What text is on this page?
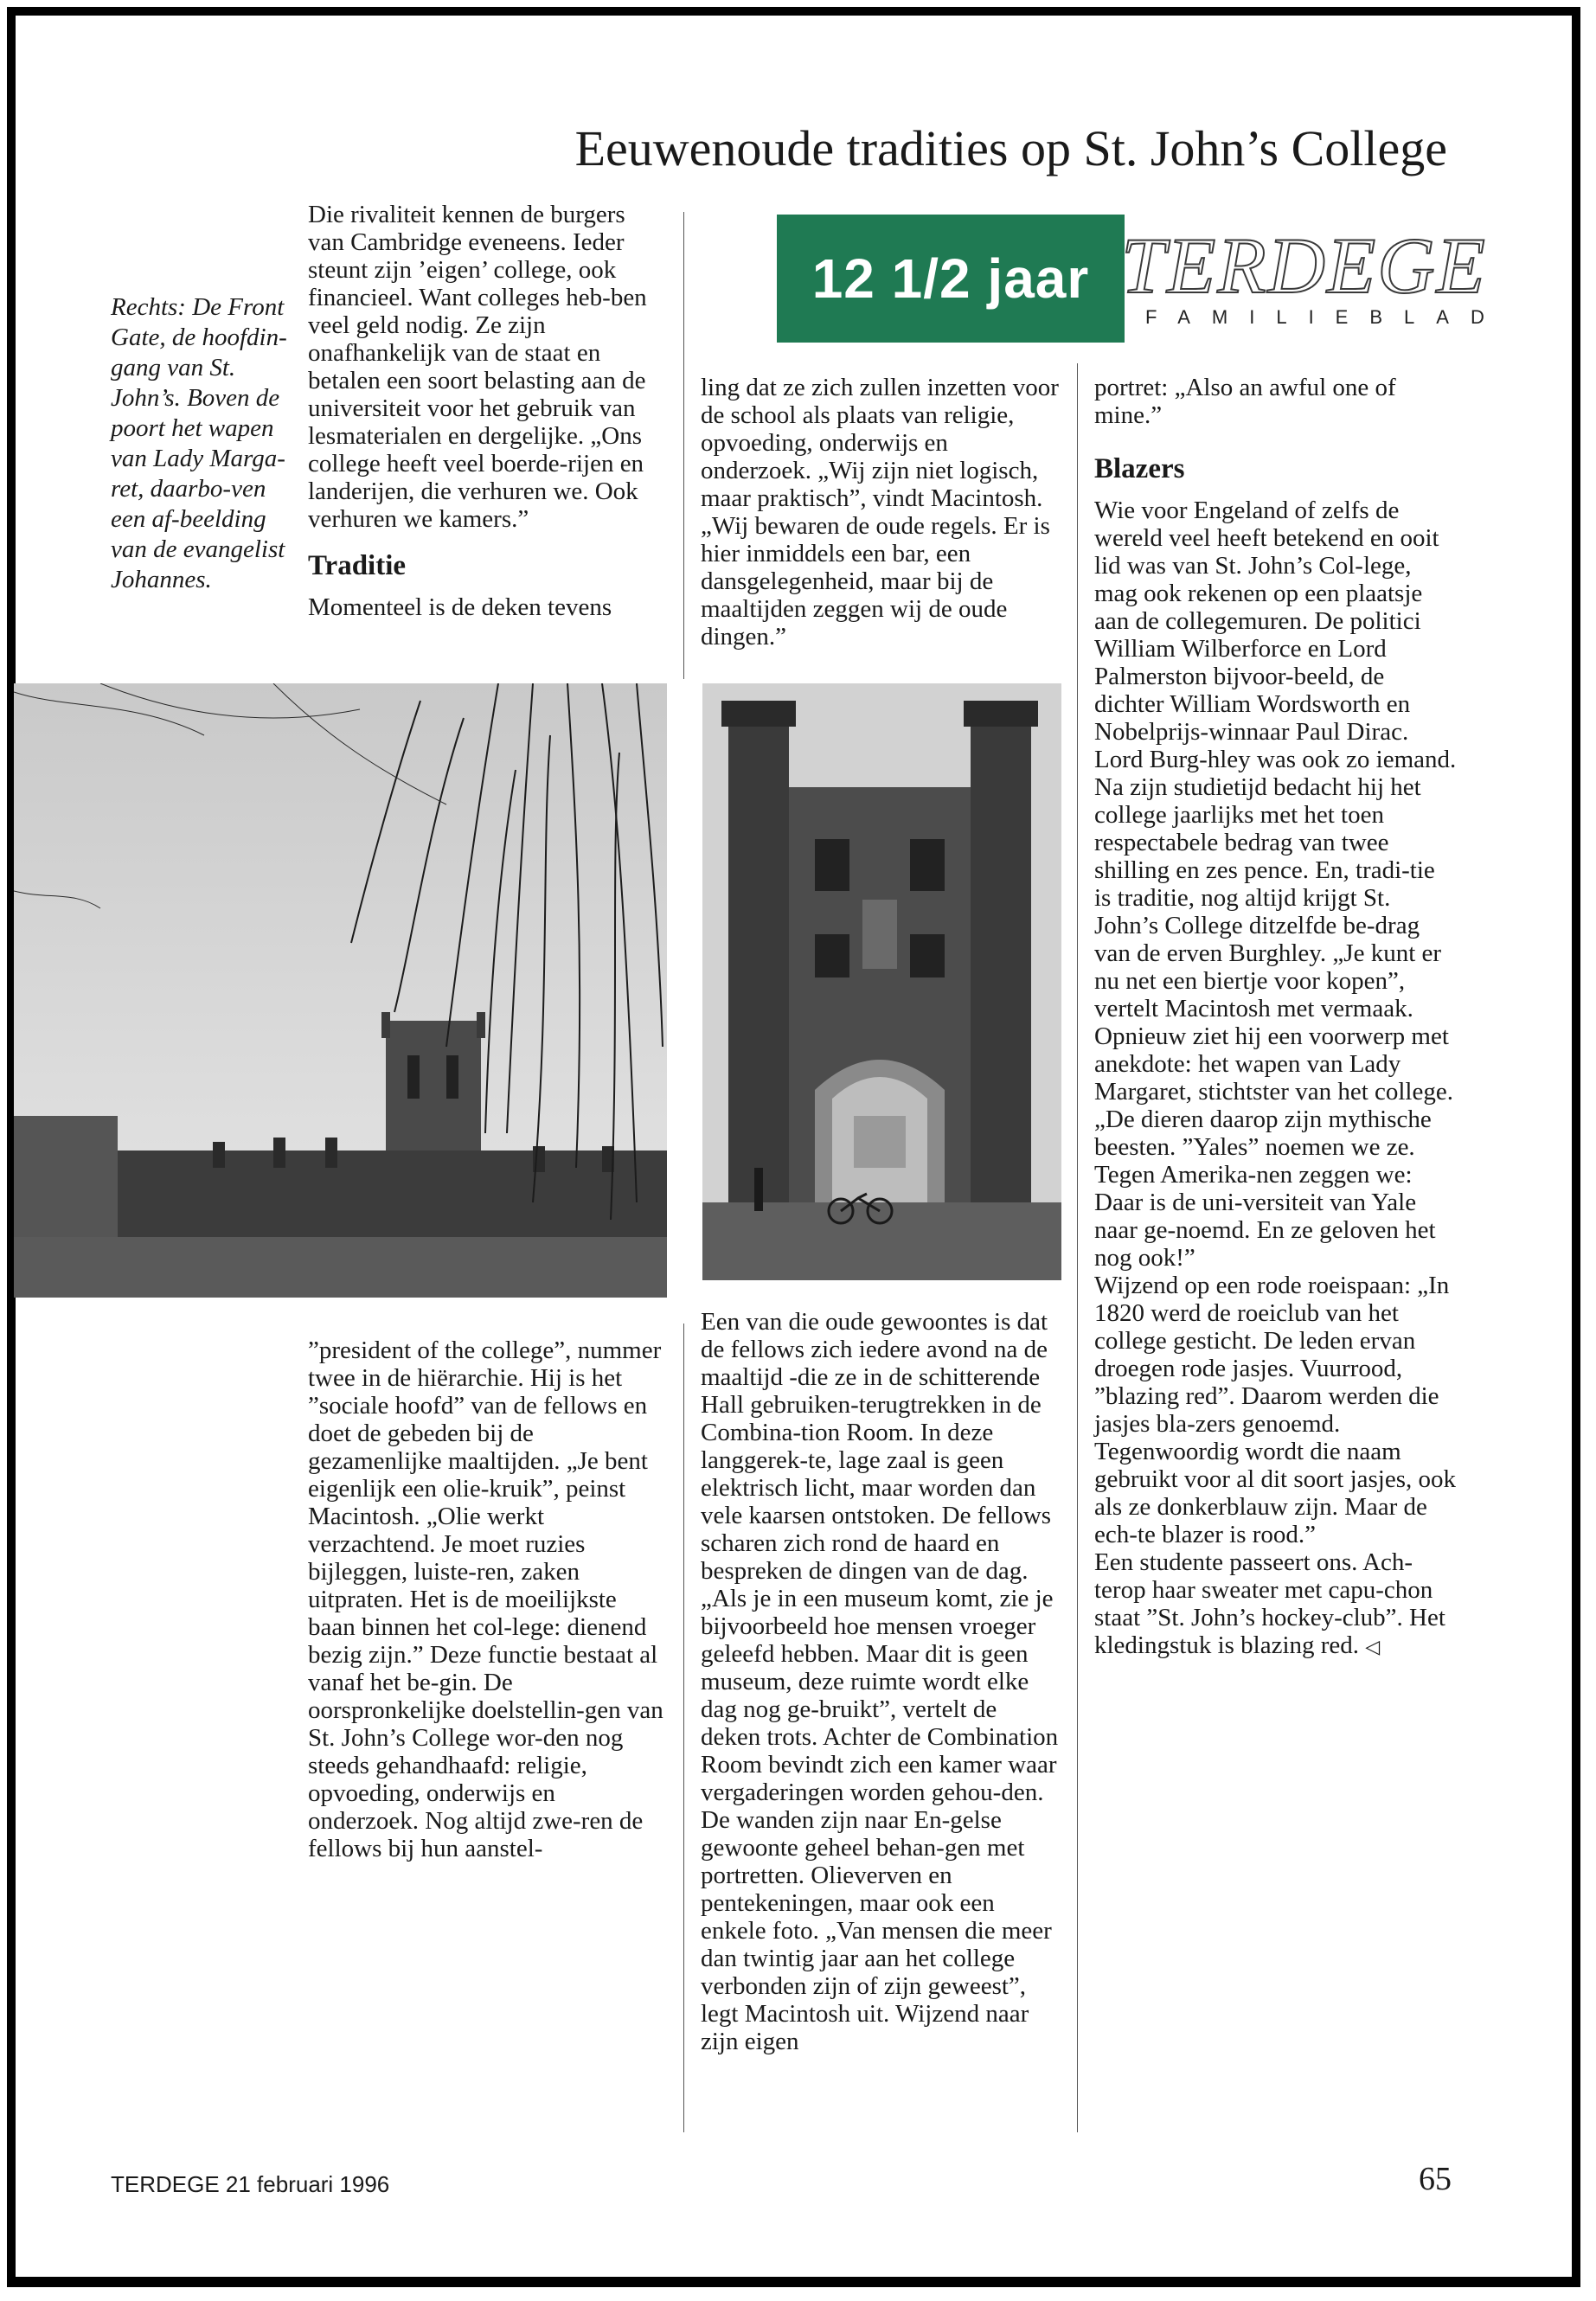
Eeuwenoude tradities op St. John’s College
Rechts: De Front Gate, de hoofdin-gang van St. John’s. Boven de poort het wapen van Lady Marga-ret, daarbo-ven een af-beelding van de evangelist Johannes.

Die rivaliteit kennen de burgers van Cambridge eveneens. Ieder steunt zijn ’eigen’ college, ook financieel. Want colleges heb-ben veel geld nodig. Ze zijn onafhankelijk van de staat en betalen een soort belasting aan de universiteit voor het gebruik van lesmaterialen en dergelijke. „Ons college heeft veel boerde-rijen en landerijen, die verhuren we. Ook verhuren we kamers.”

Traditie

Momenteel is de deken tevens

12 1/2 jaar TERDEGE
FAMILIEBLAD

ling dat ze zich zullen inzetten voor de school als plaats van religie, opvoeding, onderwijs en onderzoek. „Wij zijn niet logisch, maar praktisch”, vindt Macintosh. „Wij bewaren de oude regels. Er is hier inmiddels een bar, een dansgelegenheid, maar bij de maaltijden zeggen wij de oude dingen.”

portret: „Also an awful one of mine.”

Blazers

Wie voor Engeland of zelfs de wereld veel heeft betekend en ooit lid was van St. John’s Col-lege, mag ook rekenen op een plaatsje aan de collegemuren. De politici William Wilberforce en Lord Palmerston bijvoor-beeld, de dichter William Wordsworth en Nobelprijs-winnaar Paul Dirac. Lord Burg-hley was ook zo iemand. Na zijn studietijd bedacht hij het college jaarlijks met het toen respectabele bedrag van twee shilling en zes pence. En, tradi-tie is traditie, nog altijd krijgt St. John’s College ditzelfde be-drag van de erven Burghley. „Je kunt er nu net een biertje voor kopen”, vertelt Macintosh met vermaak.

Opnieuw ziet hij een voorwerp met anekdote: het wapen van Lady Margaret, stichtster van het college. „De dieren daarop zijn mythische beesten. ”Yales” noemen we ze. Tegen Amerika-nen zeggen we: Daar is de uni-versiteit van Yale naar ge-noemd. En ze geloven het nog ook!”

Wijzend op een rode roeispaan: „In 1820 werd de roeiclub van het college gesticht. De leden ervan droegen rode jasjes. Vuurrood, ”blazing red”. Daarom werden die jasjes bla-zers genoemd. Tegenwoordig wordt die naam gebruikt voor al dit soort jasjes, ook als ze donkerblauw zijn. Maar de ech-te blazer is rood.”

Een studente passeert ons. Ach-terop haar sweater met capu-chon staat ”St. John’s hockey-club”. Het kledingstuk is blazing red. ◁

”president of the college”, nummer twee in de hiërarchie. Hij is het ”sociale hoofd” van de fellows en doet de gebeden bij de gezamenlijke maaltijden. „Je bent eigenlijk een olie-kruik”, peinst Macintosh. „Olie werkt verzachtend. Je moet ruzies bijleggen, luiste-ren, zaken uitpraten. Het is de moeilijkste baan binnen het col-lege: dienend bezig zijn.” Deze functie bestaat al vanaf het be-gin. De oorspronkelijke doelstellin-gen van St. John’s College wor-den nog steeds gehandhaafd: religie, opvoeding, onderwijs en onderzoek. Nog altijd zwe-ren de fellows bij hun aanstel-

Een van die oude gewoontes is dat de fellows zich iedere avond na de maaltijd -die ze in de schitterende Hall gebruiken-terugtrekken in de Combina-tion Room. In deze langgerek-te, lage zaal is geen elektrisch licht, maar worden dan vele kaarsen ontstoken. De fellows scharen zich rond de haard en bespreken de dingen van de dag. „Als je in een museum komt, zie je bijvoorbeeld hoe mensen vroeger geleefd hebben. Maar dit is geen museum, deze ruimte wordt elke dag nog ge-bruikt”, vertelt de deken trots. Achter de Combination Room bevindt zich een kamer waar vergaderingen worden gehou-den. De wanden zijn naar En-gelse gewoonte geheel behan-gen met portretten. Olieverven en pentekeningen, maar ook een enkele foto. „Van mensen die meer dan twintig jaar aan het college verbonden zijn of zijn geweest”, legt Macintosh uit. Wijzend naar zijn eigen

TERDEGE 21 februari 1996	65
